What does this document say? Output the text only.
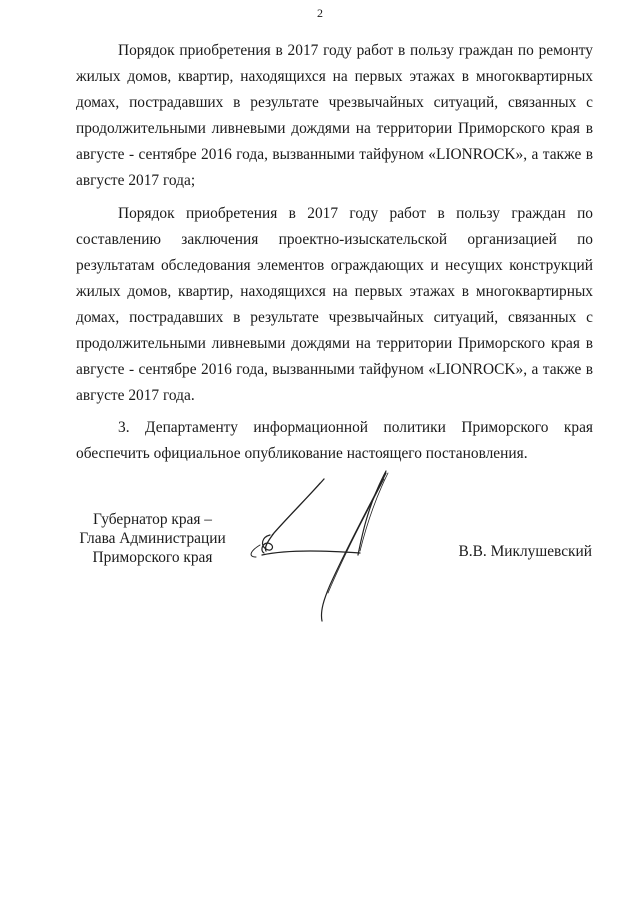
2

Порядок приобретения в 2017 году работ в пользу граждан по ремонту жилых домов, квартир, находящихся на первых этажах в многоквартирных домах, пострадавших в результате чрезвычайных ситуаций, связанных с продолжительными ливневыми дождями на территории Приморского края в августе - сентябре 2016 года, вызванными тайфуном «LIONROCK», а также в августе 2017 года;

Порядок приобретения в 2017 году работ в пользу граждан по составлению заключения проектно-изыскательской организацией по результатам обследования элементов ограждающих и несущих конструкций жилых домов, квартир, находящихся на первых этажах в многоквартирных домах, пострадавших в результате чрезвычайных ситуаций, связанных с продолжительными ливневыми дождями на территории Приморского края в августе - сентябре 2016 года, вызванными тайфуном «LIONROCK», а также в августе 2017 года.

3. Департаменту информационной политики Приморского края обеспечить официальное опубликование настоящего постановления.

Губернатор края –
Глава Администрации
Приморского края	В.В. Миклушевский
